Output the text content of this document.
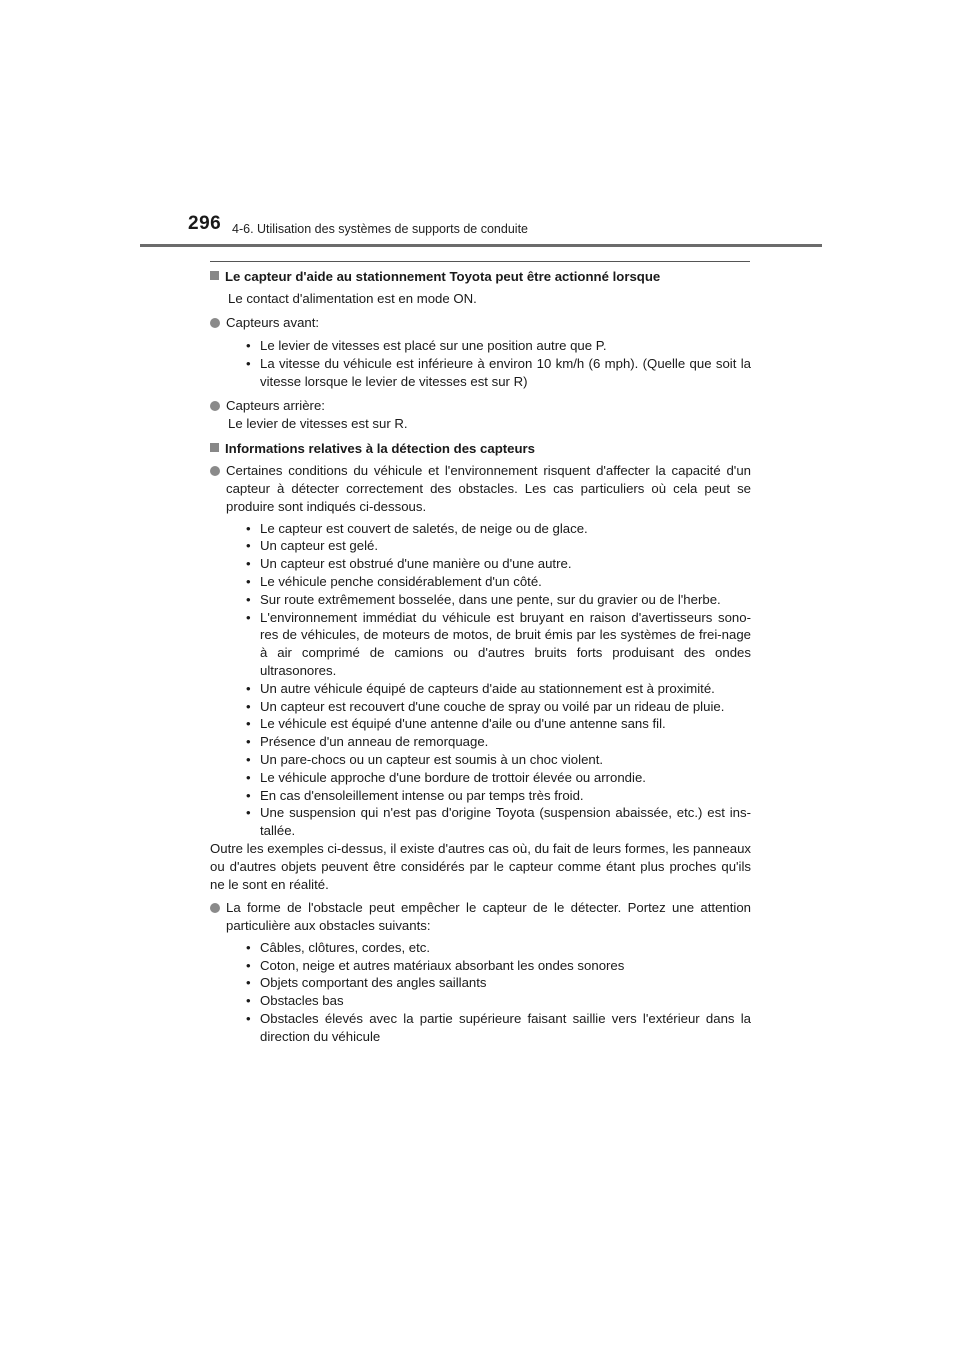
296 4-6. Utilisation des systèmes de supports de conduite
Le capteur d'aide au stationnement Toyota peut être actionné lorsque
Le contact d'alimentation est en mode ON.
Capteurs avant:
• Le levier de vitesses est placé sur une position autre que P.
• La vitesse du véhicule est inférieure à environ 10 km/h (6 mph). (Quelle que soit la vitesse lorsque le levier de vitesses est sur R)
Capteurs arrière:
Le levier de vitesses est sur R.
Informations relatives à la détection des capteurs
Certaines conditions du véhicule et l'environnement risquent d'affecter la capacité d'un capteur à détecter correctement des obstacles. Les cas particuliers où cela peut se produire sont indiqués ci-dessous.
• Le capteur est couvert de saletés, de neige ou de glace.
• Un capteur est gelé.
• Un capteur est obstrué d'une manière ou d'une autre.
• Le véhicule penche considérablement d'un côté.
• Sur route extrêmement bosselée, dans une pente, sur du gravier ou de l'herbe.
• L'environnement immédiat du véhicule est bruyant en raison d'avertisseurs sono-res de véhicules, de moteurs de motos, de bruit émis par les systèmes de frei-nage à air comprimé de camions ou d'autres bruits forts produisant des ondes ultrasonores.
• Un autre véhicule équipé de capteurs d'aide au stationnement est à proximité.
• Un capteur est recouvert d'une couche de spray ou voilé par un rideau de pluie.
• Le véhicule est équipé d'une antenne d'aile ou d'une antenne sans fil.
• Présence d'un anneau de remorquage.
• Un pare-chocs ou un capteur est soumis à un choc violent.
• Le véhicule approche d'une bordure de trottoir élevée ou arrondie.
• En cas d'ensoleillement intense ou par temps très froid.
• Une suspension qui n'est pas d'origine Toyota (suspension abaissée, etc.) est ins-tallée.
Outre les exemples ci-dessus, il existe d'autres cas où, du fait de leurs formes, les panneaux ou d'autres objets peuvent être considérés par le capteur comme étant plus proches qu'ils ne le sont en réalité.
La forme de l'obstacle peut empêcher le capteur de le détecter. Portez une attention particulière aux obstacles suivants:
• Câbles, clôtures, cordes, etc.
• Coton, neige et autres matériaux absorbant les ondes sonores
• Objets comportant des angles saillants
• Obstacles bas
• Obstacles élevés avec la partie supérieure faisant saillie vers l'extérieur dans la direction du véhicule
